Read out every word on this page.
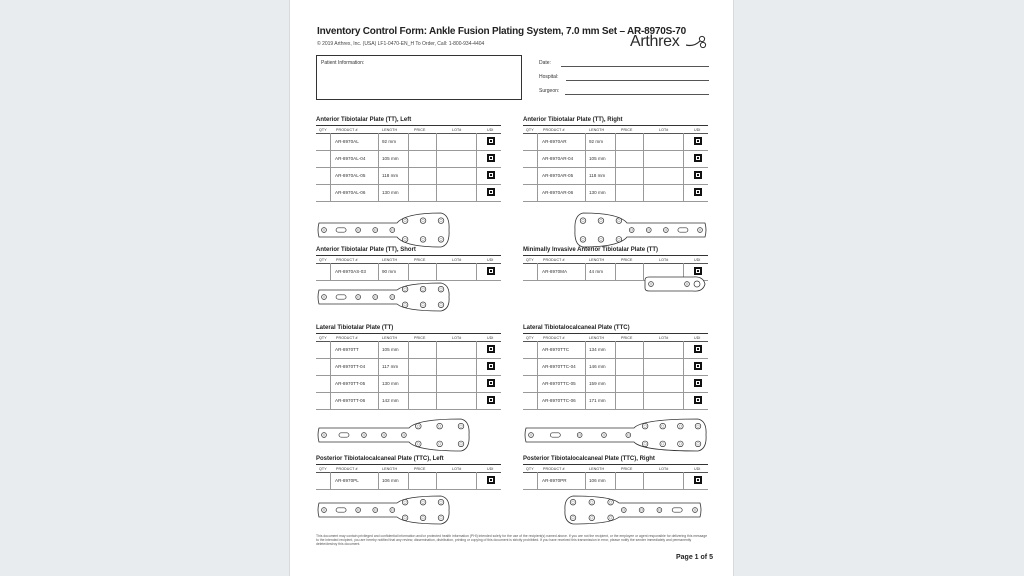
Inventory Control Form: Ankle Fusion Plating System, 7.0 mm Set – AR-8970S-70
© 2019 Arthrex, Inc. (USA) LF1-0470-EN_H To Order, Call: 1-800-934-4404	Arthrex
Patient Information:	Date:
Hospital:
Surgeon:
Anterior Tibiotalar Plate (TT), Left
QTY	PRODUCT #	LENGTH	PRICE	LOT#	UDI
AR-8970AL	92 mm
AR-8970AL-04	105 mm
AR-8970AL-05	118 mm
AR-8970AL-06	130 mm
Anterior Tibiotalar Plate (TT), Right
QTY	PRODUCT #	LENGTH	PRICE	LOT#	UDI
AR-8970AR	92 mm
AR-8970AR-04	105 mm
AR-8970AR-05	118 mm
AR-8970AR-06	130 mm
Anterior Tibiotalar Plate (TT), Short
QTY	PRODUCT #	LENGTH	PRICE	LOT#	UDI
AR-8970AS-03	90 mm
Minimally Invasive Anterior Tibiotalar Plate (TT)
QTY	PRODUCT #	LENGTH	PRICE	LOT#	UDI
AR-8970MA	44 mm
Lateral Tibiotalar Plate (TT)
QTY	PRODUCT #	LENGTH	PRICE	LOT#	UDI
AR-8970TT	105 mm
AR-8970TT-04	117 mm
AR-8970TT-05	130 mm
AR-8970TT-06	142 mm
Lateral Tibiotalocalcaneal Plate (TTC)
QTY	PRODUCT #	LENGTH	PRICE	LOT#	UDI
AR-8970TTC	134 mm
AR-8970TTC-04	146 mm
AR-8970TTC-05	159 mm
AR-8970TTC-06	171 mm
Posterior Tibiotalocalcaneal Plate (TTC), Left
QTY	PRODUCT #	LENGTH	PRICE	LOT#	UDI
AR-8970PL	106 mm
Posterior Tibiotalocalcaneal Plate (TTC), Right
QTY	PRODUCT #	LENGTH	PRICE	LOT#	UDI
AR-8970PR	106 mm
This document may contain privileged and confidential information and/or protected health information (PHI) intended solely for the use of the recipient(s) named above. If you are not the recipient, or the employee or agent responsible for delivering this message to the intended recipient, you are hereby notified that any review, dissemination, distribution, printing or copying of this document is strictly prohibited. If you have received this transmission in error, please notify the sender immediately and permanently delete/destroy this document.
Page 1 of 5
